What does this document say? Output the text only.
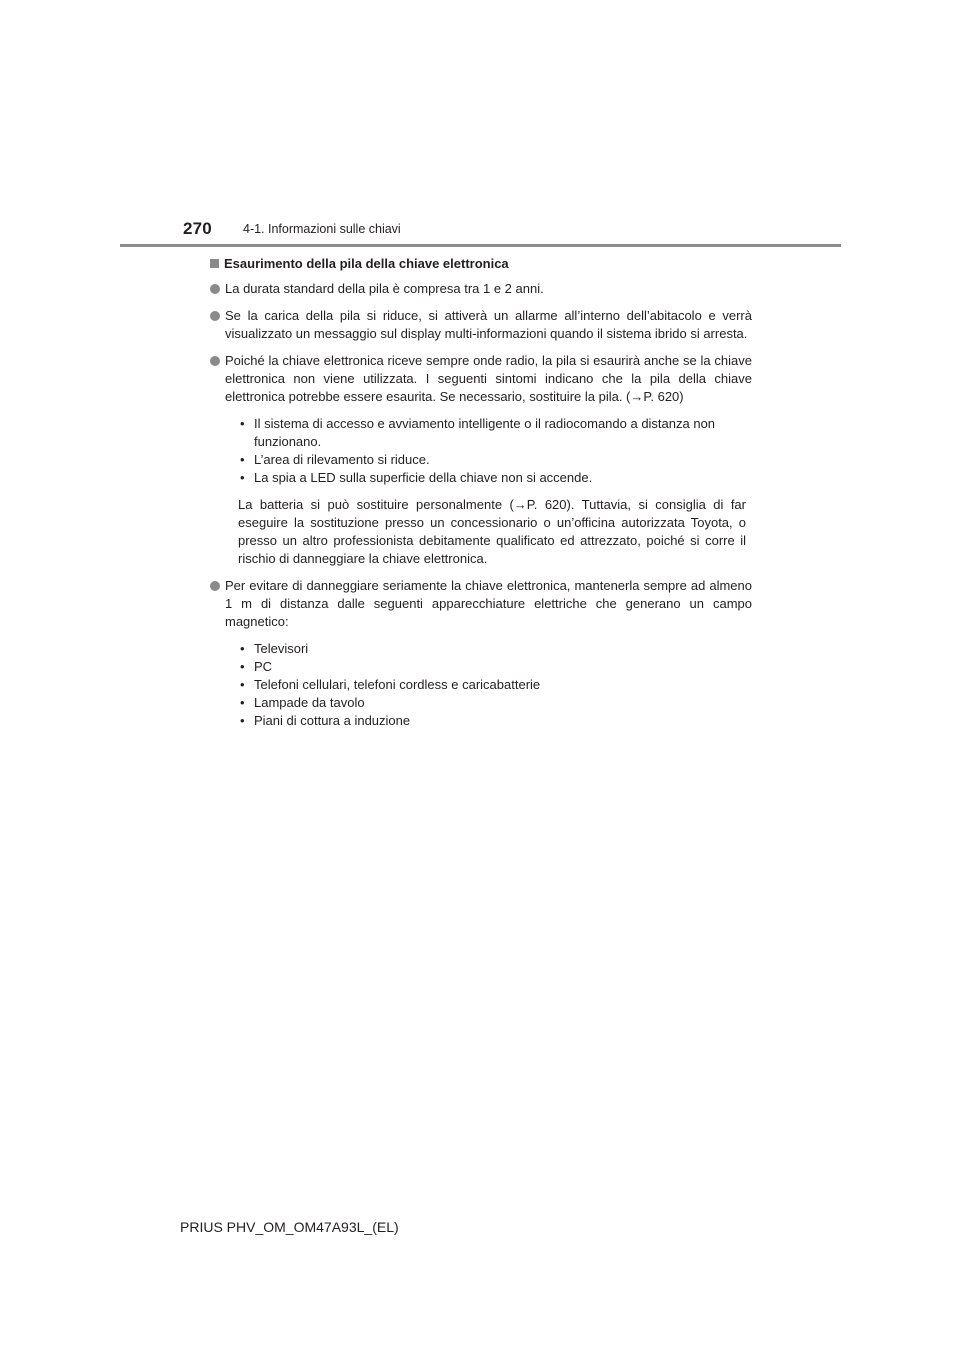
270 4-1. Informazioni sulle chiavi
Esaurimento della pila della chiave elettronica
La durata standard della pila è compresa tra 1 e 2 anni.
Se la carica della pila si riduce, si attiverà un allarme all’interno dell’abitacolo e verrà visualizzato un messaggio sul display multi-informazioni quando il sistema ibrido si arresta.
Poiché la chiave elettronica riceve sempre onde radio, la pila si esaurirà anche se la chiave elettronica non viene utilizzata. I seguenti sintomi indicano che la pila della chiave elettronica potrebbe essere esaurita. Se necessario, sostituire la pila. (→P. 620)
• Il sistema di accesso e avviamento intelligente o il radiocomando a distanza non funzionano.
• L’area di rilevamento si riduce.
• La spia a LED sulla superficie della chiave non si accende.
La batteria si può sostituire personalmente (→P. 620). Tuttavia, si consiglia di far eseguire la sostituzione presso un concessionario o un’officina autorizzata Toyota, o presso un altro professionista debitamente qualificato ed attrezzato, poiché si corre il rischio di danneggiare la chiave elettronica.
Per evitare di danneggiare seriamente la chiave elettronica, mantenerla sempre ad almeno 1 m di distanza dalle seguenti apparecchiature elettriche che generano un campo magnetico:
• Televisori
• PC
• Telefoni cellulari, telefoni cordless e caricabatterie
• Lampade da tavolo
• Piani di cottura a induzione
PRIUS PHV_OM_OM47A93L_(EL)
